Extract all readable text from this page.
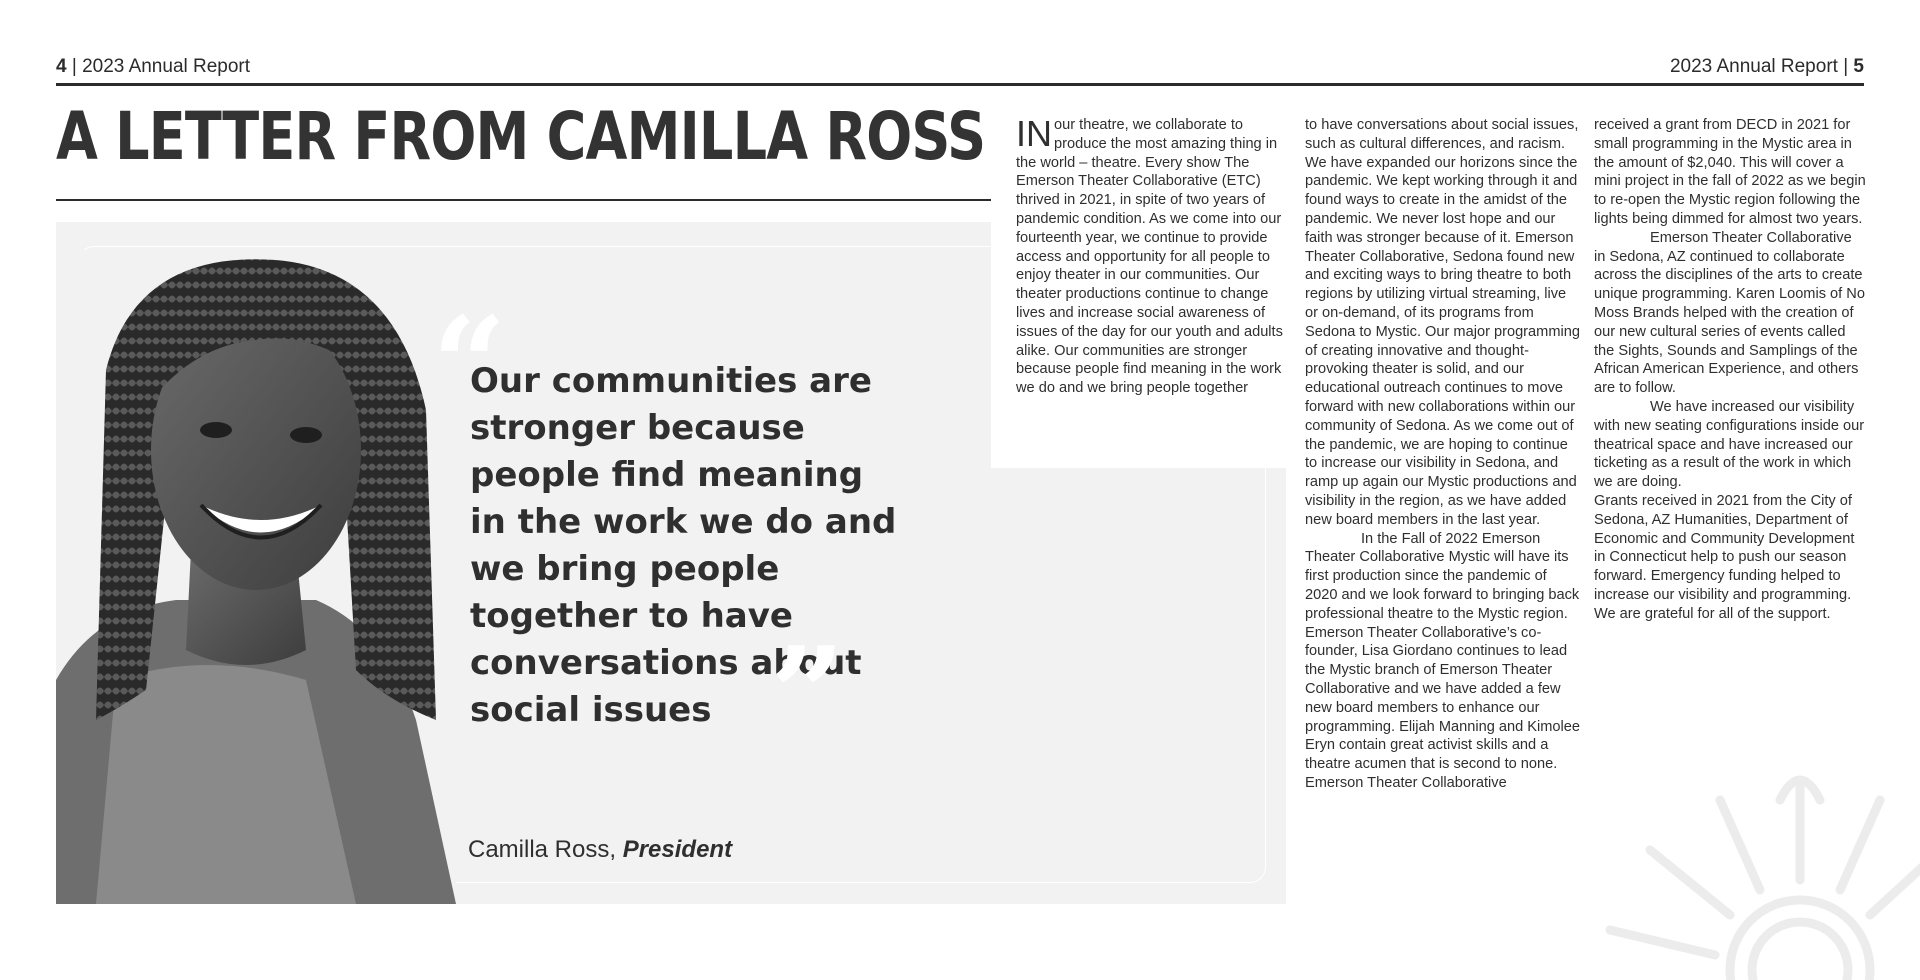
4 | 2023 Annual Report	2023 Annual Report | 5
A LETTER FROM CAMILLA ROSS
“
Our communities are stronger because people find meaning in the work we do and we bring people together to have conversations about social issues ”
Camilla Ross, President

IN our theatre, we collaborate to produce the most amazing thing in the world – theatre. Every show The Emerson Theater Collaborative (ETC) thrived in 2021, in spite of two years of pandemic condition. As we come into our fourteenth year, we continue to provide access and opportunity for all people to enjoy theater in our communities. Our theater productions continue to change lives and increase social awareness of issues of the day for our youth and adults alike. Our communities are stronger because people find meaning in the work we do and we bring people together

to have conversations about social issues, such as cultural differences, and racism. We have expanded our horizons since the pandemic. We kept working through it and found ways to create in the amidst of the pandemic. We never lost hope and our faith was stronger because of it. Emerson Theater Collaborative, Sedona found new and exciting ways to bring theatre to both regions by utilizing virtual streaming, live or on-demand, of its programs from Sedona to Mystic. Our major programming of creating innovative and thought-provoking theater is solid, and our educational outreach continues to move forward with new collaborations within our community of Sedona. As we come out of the pandemic, we are hoping to continue to increase our visibility in Sedona, and ramp up again our Mystic productions and visibility in the region, as we have added new board members in the last year.

In the Fall of 2022 Emerson Theater Collaborative Mystic will have its first production since the pandemic of 2020 and we look forward to bringing back professional theatre to the Mystic region.

Emerson Theater Collaborative’s co-founder, Lisa Giordano continues to lead the Mystic branch of Emerson Theater Collaborative and we have added a few new board members to enhance our programming. Elijah Manning and Kimolee Eryn contain great activist skills and a theatre acumen that is second to none. Emerson Theater Collaborative

received a grant from DECD in 2021 for small programming in the Mystic area in the amount of $2,040. This will cover a mini project in the fall of 2022 as we begin to re-open the Mystic region following the lights being dimmed for almost two years.

Emerson Theater Collaborative in Sedona, AZ continued to collaborate across the disciplines of the arts to create unique programming. Karen Loomis of No Moss Brands helped with the creation of our new cultural series of events called the Sights, Sounds and Samplings of the African American Experience, and others are to follow.

We have increased our visibility with new seating configurations inside our theatrical space and have increased our ticketing as a result of the work in which we are doing.

Grants received in 2021 from the City of Sedona, AZ Humanities, Department of Economic and Community Development in Connecticut help to push our season forward. Emergency funding helped to increase our visibility and programming. We are grateful for all of the support.
